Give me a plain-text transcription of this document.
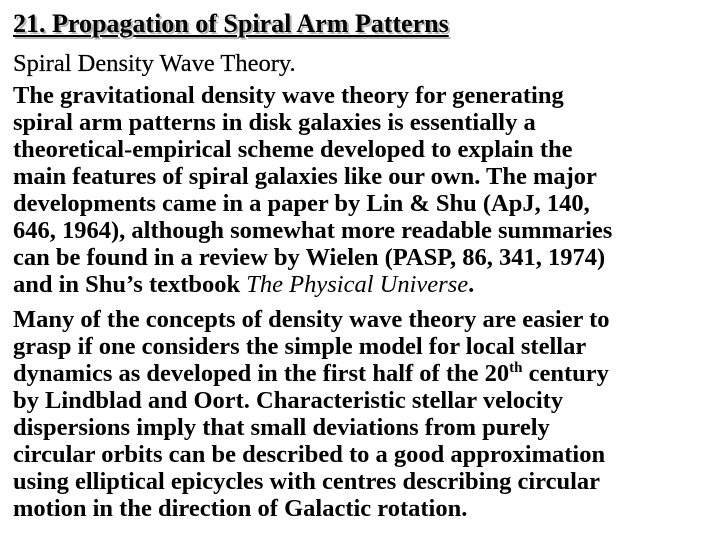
21. Propagation of Spiral Arm Patterns

Spiral Density Wave Theory.

The gravitational density wave theory for generating

spiral arm patterns in disk galaxies is essentially a

theoretical-empirical scheme developed to explain the

main features of spiral galaxies like our own. The major

developments came in a paper by Lin & Shu (ApJ, 140,

646, 1964), although somewhat more readable summaries

can be found in a review by Wielen (PASP, 86, 341, 1974)

and in Shu’s textbook The Physical Universe.

Many of the concepts of density wave theory are easier to

grasp if one considers the simple model for local stellar

dynamics as developed in the first half of the 20th century

by Lindblad and Oort. Characteristic stellar velocity

dispersions imply that small deviations from purely

circular orbits can be described to a good approximation

using elliptical epicycles with centres describing circular

motion in the direction of Galactic rotation.
